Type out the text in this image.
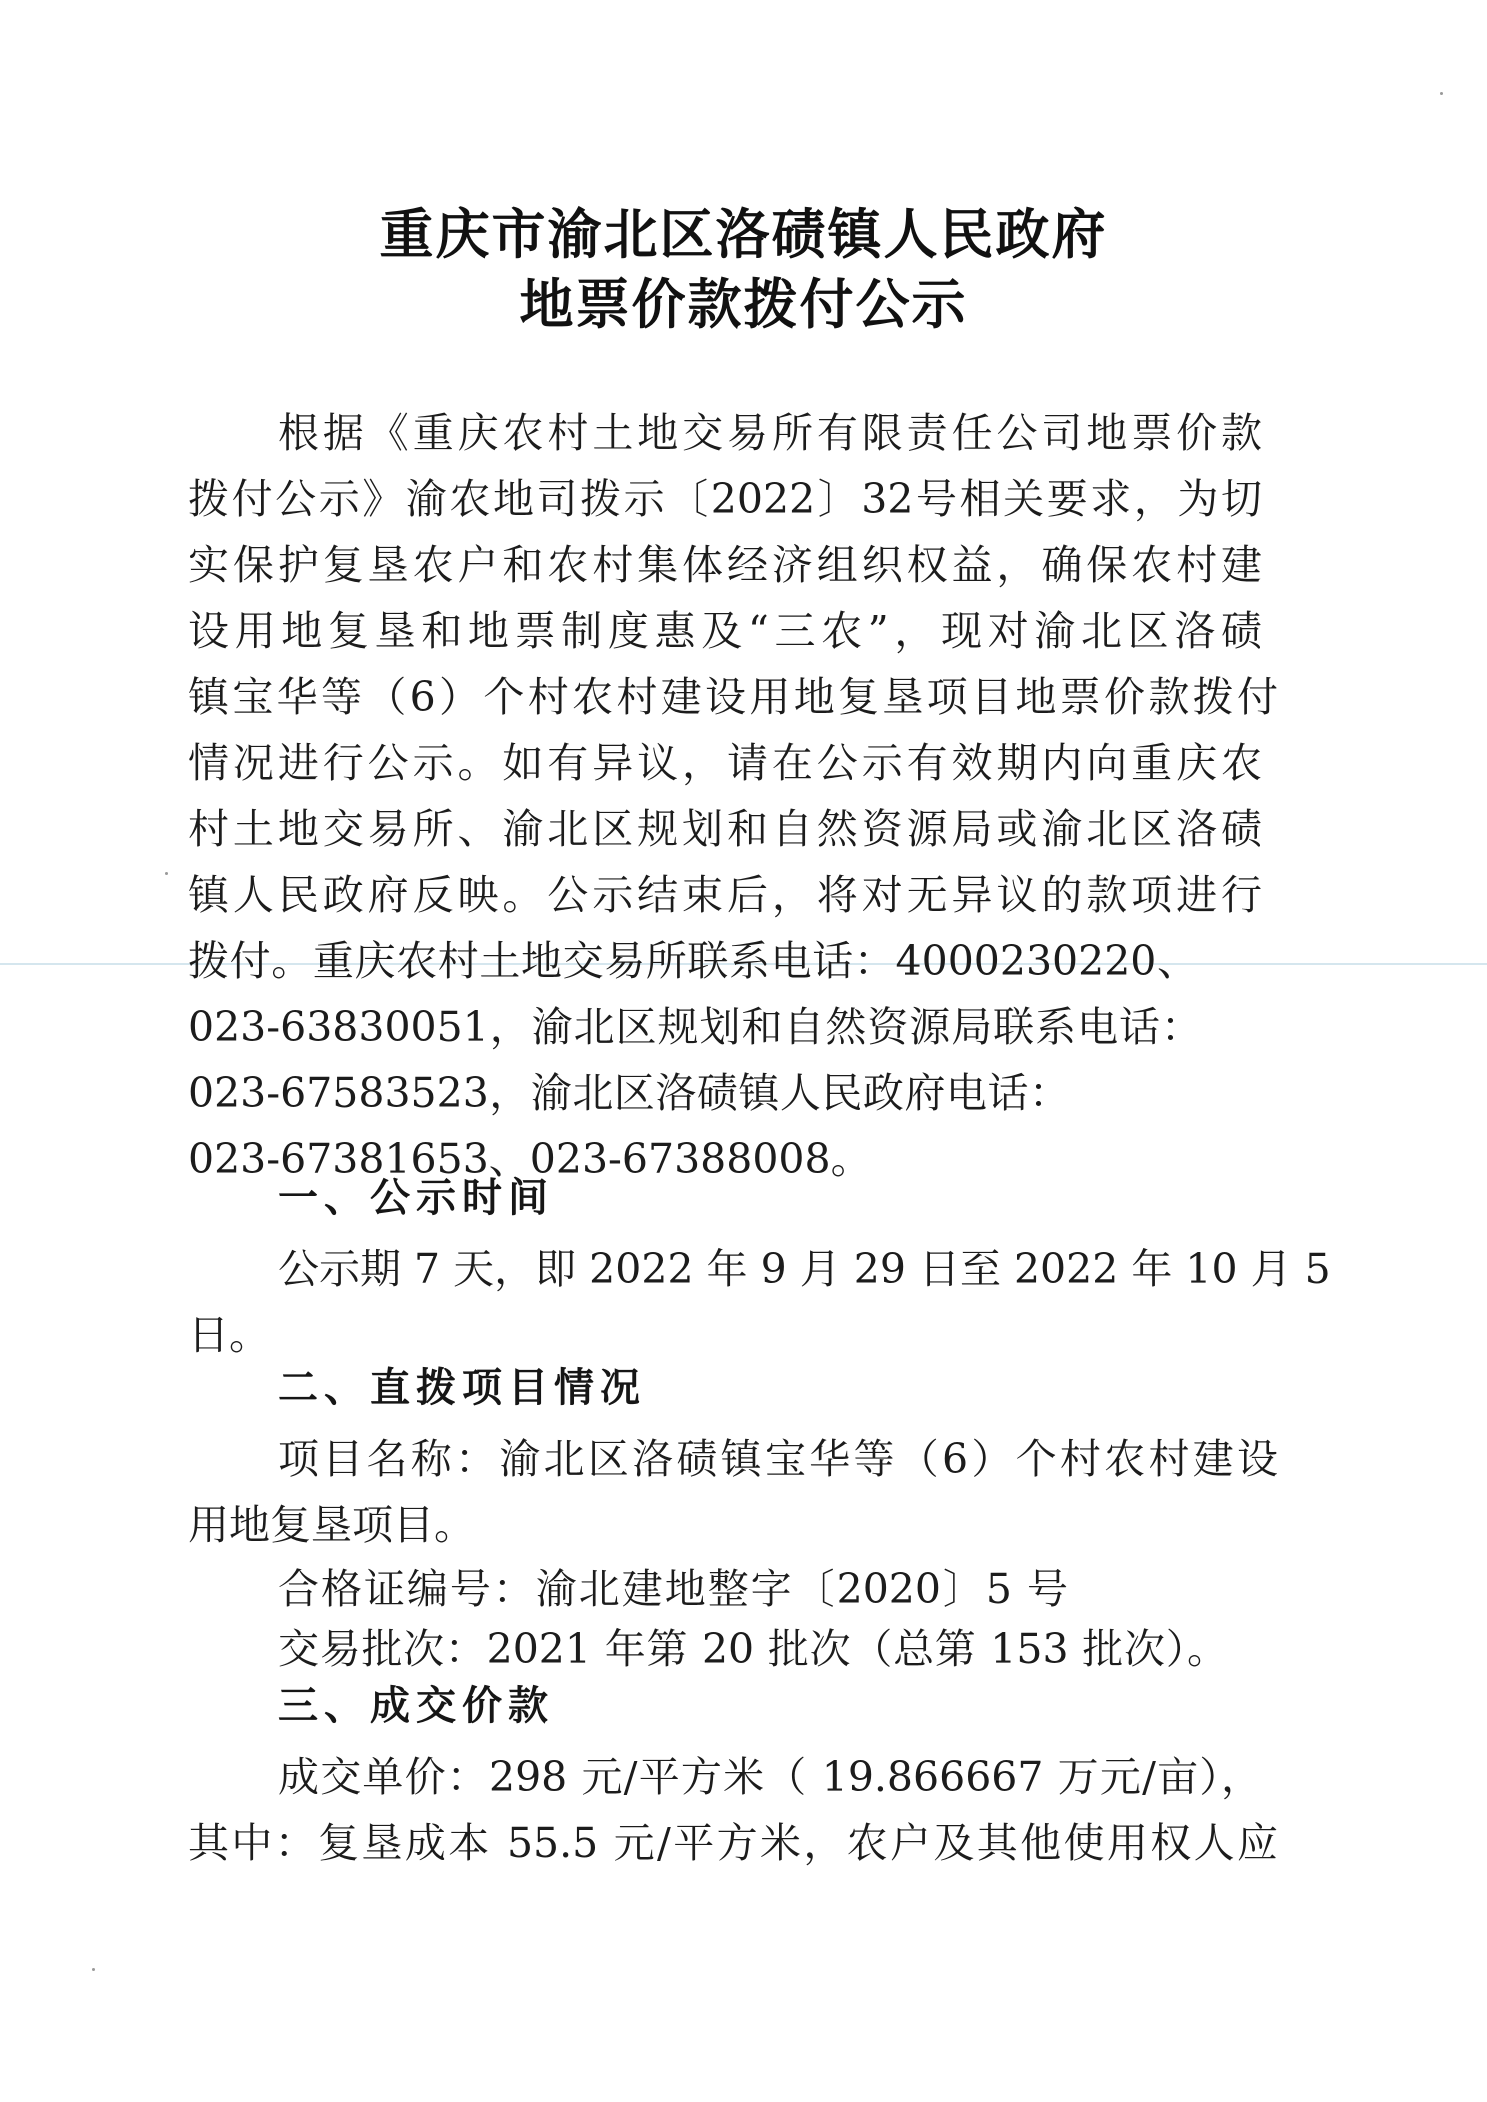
重庆市渝北区洛碛镇人民政府
地票价款拨付公示
根据《重庆农村土地交易所有限责任公司地票价款
拨付公示》渝农地司拨示〔2022〕32号相关要求，为切
实保护复垦农户和农村集体经济组织权益，确保农村建
设用地复垦和地票制度惠及“三农”，现对渝北区洛碛
镇宝华等（6）个村农村建设用地复垦项目地票价款拨付
情况进行公示。如有异议，请在公示有效期内向重庆农
村土地交易所、渝北区规划和自然资源局或渝北区洛碛
镇人民政府反映。公示结束后，将对无异议的款项进行
拨付。重庆农村土地交易所联系电话：4000230220、
023-63830051，渝北区规划和自然资源局联系电话：
023-67583523，渝北区洛碛镇人民政府电话：
023-67381653、023-67388008。
一、公示时间
公示期 7 天，即 2022 年 9 月 29 日至 2022 年 10 月 5
日。
二、直拨项目情况
项目名称：渝北区洛碛镇宝华等（6）个村农村建设
用地复垦项目。
合格证编号：渝北建地整字〔2020〕5 号
交易批次：2021 年第 20 批次（总第 153 批次）。
三、成交价款
成交单价：298 元/平方米（ 19.866667 万元/亩），
其中：复垦成本 55.5 元/平方米，农户及其他使用权人应
